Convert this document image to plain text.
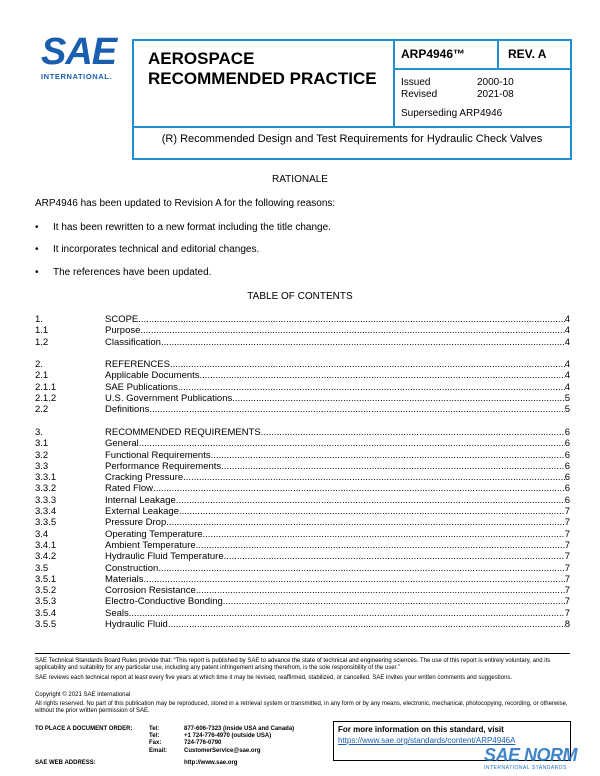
SAE
INTERNATIONAL.
AEROSPACE
RECOMMENDED PRACTICE
ARP4946™	REV. A
Issued	2000-10
Revised	2021-08
Superseding ARP4946
(R) Recommended Design and Test Requirements for Hydraulic Check Valves
RATIONALE
ARP4946 has been updated to Revision A for the following reasons:
•	It has been rewritten to a new format including the title change.
•	It incorporates technical and editorial changes.
•	The references have been updated.
TABLE OF CONTENTS
1.	SCOPE .....	4
1.1	Purpose .....	4
1.2	Classification .....	4
2.	REFERENCES .....	4
2.1	Applicable Documents .....	4
2.1.1	SAE Publications .....	4
2.1.2	U.S. Government Publications .....	5
2.2	Definitions .....	5
3.	RECOMMENDED REQUIREMENTS .....	6
3.1	General .....	6
3.2	Functional Requirements .....	6
3.3	Performance Requirements .....	6
3.3.1	Cracking Pressure .....	6
3.3.2	Rated Flow .....	6
3.3.3	Internal Leakage .....	6
3.3.4	External Leakage .....	7
3.3.5	Pressure Drop .....	7
3.4	Operating Temperature .....	7
3.4.1	Ambient Temperature .....	7
3.4.2	Hydraulic Fluid Temperature .....	7
3.5	Construction .....	7
3.5.1	Materials .....	7
3.5.2	Corrosion Resistance .....	7
3.5.3	Electro-Conductive Bonding .....	7
3.5.4	Seals .....	7
3.5.5	Hydraulic Fluid .....	8
SAE Technical Standards Board Rules provide that: “This report is published by SAE to advance the state of technical and engineering sciences. The use of this report is entirely voluntary, and its applicability and suitability for any particular use, including any patent infringement arising therefrom, is the sole responsibility of the user.”
SAE reviews each technical report at least every five years at which time it may be revised, reaffirmed, stabilized, or cancelled. SAE invites your written comments and suggestions.
Copyright © 2021 SAE International
All rights reserved. No part of this publication may be reproduced, stored in a retrieval system or transmitted, in any form or by any means, electronic, mechanical, photocopying, recording, or otherwise, without the prior written permission of SAE.
TO PLACE A DOCUMENT ORDER:	Tel:	877-606-7323 (inside USA and Canada)
Tel:	+1 724-776-4970 (outside USA)
Fax:	724-776-0790
Email:	CustomerService@sae.org
SAE WEB ADDRESS:	http://www.sae.org
For more information on this standard, visit
https://www.sae.org/standards/content/ARP4946A
SAE NORM
INTERNATIONAL STANDARDS
